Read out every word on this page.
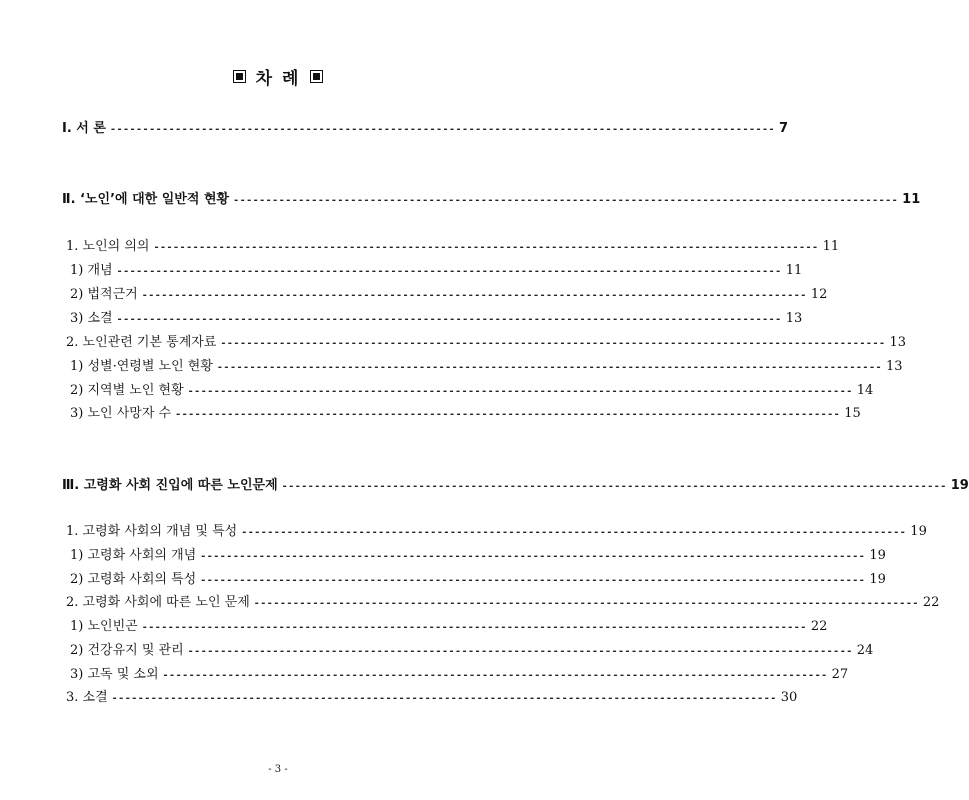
차 례
Ⅰ. 서 론 ------------------------------------------------------------------------------------------------------ 7
Ⅱ. ‘노인’에 대한 일반적 현황 ------------------------------------------------------------------------------------------------------ 11
1. 노인의 의의 ------------------------------------------------------------------------------------------------------ 11
1) 개념 ------------------------------------------------------------------------------------------------------ 11
2) 법적근거 ------------------------------------------------------------------------------------------------------ 12
3) 소결 ------------------------------------------------------------------------------------------------------ 13
2. 노인관련 기본 통계자료 ------------------------------------------------------------------------------------------------------ 13
1) 성별·연령별 노인 현황 ------------------------------------------------------------------------------------------------------ 13
2) 지역별 노인 현황 ------------------------------------------------------------------------------------------------------ 14
3) 노인 사망자 수 ------------------------------------------------------------------------------------------------------ 15
Ⅲ. 고령화 사회 진입에 따른 노인문제 ------------------------------------------------------------------------------------------------------ 19
1. 고령화 사회의 개념 및 특성 ------------------------------------------------------------------------------------------------------ 19
1) 고령화 사회의 개념 ------------------------------------------------------------------------------------------------------ 19
2) 고령화 사회의 특성 ------------------------------------------------------------------------------------------------------ 19
2. 고령화 사회에 따른 노인 문제 ------------------------------------------------------------------------------------------------------ 22
1) 노인빈곤 ------------------------------------------------------------------------------------------------------ 22
2) 건강유지 및 관리 ------------------------------------------------------------------------------------------------------ 24
3) 고독 및 소외 ------------------------------------------------------------------------------------------------------ 27
3. 소결 ------------------------------------------------------------------------------------------------------ 30
- 3 -
